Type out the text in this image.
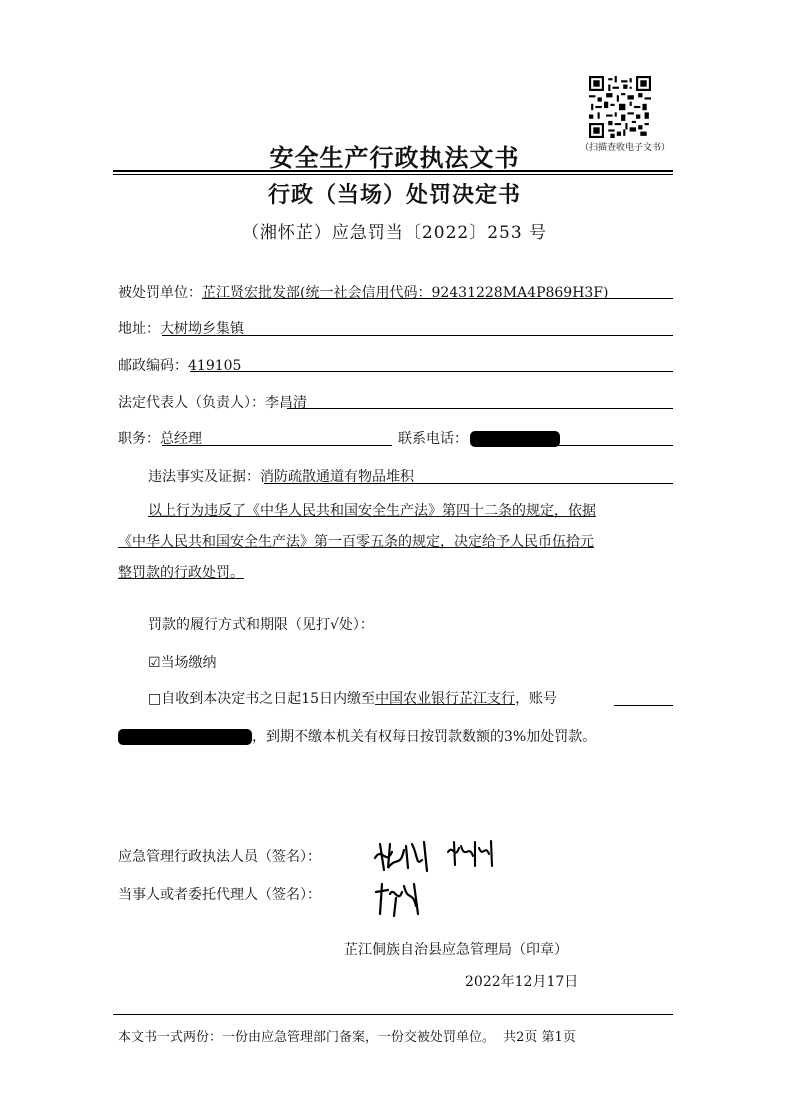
（扫描查收电子文书）
安全生产行政执法文书
行政（当场）处罚决定书
（湘怀芷）应急罚当〔2022〕253 号
被处罚单位：芷江贤宏批发部(统一社会信用代码：92431228MA4P869H3F)
地址：大树坳乡集镇
邮政编码：419105
法定代表人（负责人）：李昌清
职务：总经理	联系电话：
违法事实及证据：消防疏散通道有物品堆积
以上行为违反了《中华人民共和国安全生产法》第四十二条的规定，依据
《中华人民共和国安全生产法》第一百零五条的规定，决定给予人民币伍拾元
整罚款的行政处罚。
罚款的履行方式和期限（见打√处）：
☑当场缴纳
□自收到本决定书之日起15日内缴至中国农业银行芷江支行，账号
，到期不缴本机关有权每日按罚款数额的3%加处罚款。
应急管理行政执法人员（签名）：
当事人或者委托代理人（签名）：
芷江侗族自治县应急管理局（印章）
2022年12月17日
本文书一式两份：一份由应急管理部门备案，一份交被处罚单位。 共2页 第1页
